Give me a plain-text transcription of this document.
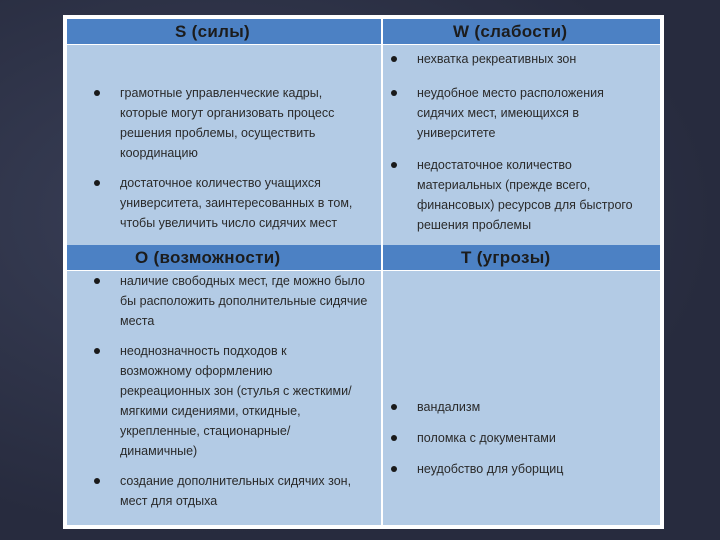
S (силы)	W (слабости)
грамотные управленческие кадры, которые могут организовать процесс решения проблемы, осуществить координацию
достаточное количество учащихся университета, заинтересованных в том, чтобы увеличить число сидячих мест
нехватка рекреативных зон
неудобное место расположения сидячих мест, имеющихся в университете
недостаточное количество материальных (прежде всего, финансовых) ресурсов для быстрого решения проблемы
O (возможности)	T (угрозы)
наличие свободных мест, где можно было бы расположить дополнительные сидячие места
неоднозначность подходов к возможному оформлению рекреационных зон (стулья с жесткими/мягкими сидениями, откидные, укрепленные, стационарные/динамичные)
создание дополнительных сидячих зон, мест для отдыха
вандализм
поломка с документами
неудобство для уборщиц
